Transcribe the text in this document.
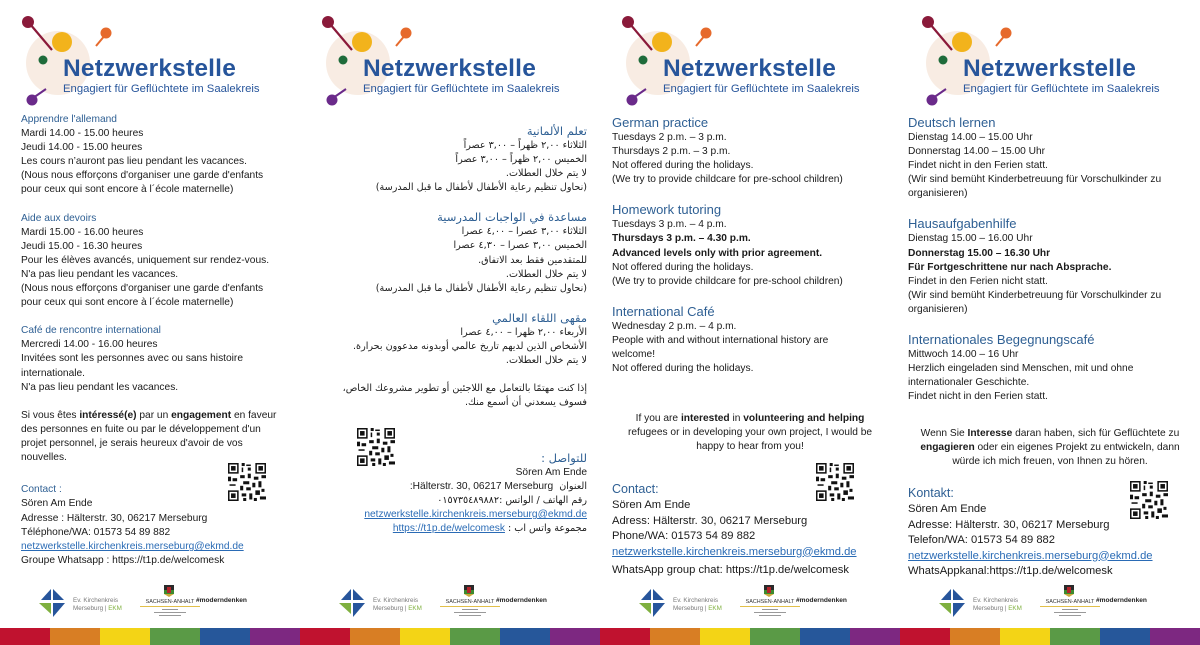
Netzwerkstelle
Engagiert für Geflüchtete im Saalekreis
Apprendre l'allemand
Mardi 14.00 - 15.00 heures
Jeudi 14.00 - 15.00 heures
Les cours n’auront pas lieu pendant les vacances.
(Nous nous efforçons d'organiser une garde d'enfants
pour ceux qui sont encore à l´école maternelle)
Aide aux devoirs
Mardi 15.00 - 16.00 heures
Jeudi 15.00 - 16.30 heures
Pour les élèves avancés, uniquement sur rendez-vous.
N'a pas lieu pendant les vacances.
(Nous nous efforçons d'organiser une garde d'enfants
pour ceux qui sont encore à l´école maternelle)
Café de rencontre international
Mercredi 14.00 - 16.00 heures
Invitées sont les personnes avec ou sans histoire
internationale.
N'a pas lieu pendant les vacances.
Si vous êtes intéressé(e) par un engagement en faveur
des personnes en fuite ou par le développement d'un
projet personnel, je serais heureux d'avoir de vos
nouvelles.
Contact :
Sören Am Ende
Adresse : Hälterstr. 30, 06217 Merseburg
Téléphone/WA: 01573 54 89 882
netzwerkstelle.kirchenkreis.merseburg@ekmd.de
Groupe Whatsapp : https://t1p.de/welcomesk
Ev. Kirchenkreis
Merseburg | EKM
SACHSEN-ANHALT #moderndenken
Netzwerkstelle
Engagiert für Geflüchtete im Saalekreis
تعلم الألمانية
الثلاثاء ٢,٠٠ ظهراً – ٣,٠٠ عصراً
الخميس ٢,٠٠ ظهراً – ٣,٠٠ عصراً
لا يتم خلال العطلات.
(نحاول تنظيم رعاية الأطفال لأطفال ما قبل المدرسة)
مساعدة في الواجبات المدرسية
الثلاثاء ٣,٠٠ عصرا – ٤,٠٠ عصرا
الخميس ٣,٠٠ عصرا – ٤,٣٠ عصرا
للمتقدمين فقط بعد الاتفاق.
لا يتم خلال العطلات.
(نحاول تنظيم رعاية الأطفال لأطفال ما قبل المدرسة)
مقهى اللقاء العالمي
الأربعاء ٢,٠٠ ظهرا – ٤,٠٠ عصرا
الأشخاص الذين لديهم تاريخ عالمي أوبدونه مدعوون بحرارة.
لا يتم خلال العطلات.
إذا كنت مهتمًا بالتعامل مع اللاجئين أو تطوير مشروعك الخاص،
فسوف يسعدني أن أسمع منك.
للتواصل :
Sören Am Ende
العنوان  Hälterstr. 30, 06217 Merseburg:
رقم الهاتف / الواتس :٠١٥٧٣٥٤٨٩٨٨٢
netzwerkstelle.kirchenkreis.merseburg@ekmd.de
مجموعة واتس اب : https://t1p.de/welcomesk
Ev. Kirchenkreis
Merseburg | EKM
SACHSEN-ANHALT #moderndenken
Netzwerkstelle
Engagiert für Geflüchtete im Saalekreis
German practice
Tuesdays 2 p.m. – 3 p.m.
Thursdays 2 p.m. – 3 p.m.
Not offered during the holidays.
(We try to provide childcare for pre-school children)
Homework tutoring
Tuesdays 3 p.m. – 4 p.m.
Thursdays 3 p.m. – 4.30 p.m.
Advanced levels only with prior agreement.
Not offered during the holidays.
(We try to provide childcare for pre-school children)
International Café
Wednesday 2 p.m. – 4 p.m.
People with and without international history are
welcome!
Not offered during the holidays.
If you are interested in volunteering and helping
refugees or in developing your own project, I would be
happy to hear from you!
Contact:
Sören Am Ende
Adress: Hälterstr. 30, 06217 Merseburg
Phone/WA: 01573 54 89 882
netzwerkstelle.kirchenkreis.merseburg@ekmd.de
WhatsApp group chat: https://t1p.de/welcomesk
Ev. Kirchenkreis
Merseburg | EKM
SACHSEN-ANHALT #moderndenken
Netzwerkstelle
Engagiert für Geflüchtete im Saalekreis
Deutsch lernen
Dienstag 14.00 – 15.00 Uhr
Donnerstag 14.00 – 15.00 Uhr
Findet nicht in den Ferien statt.
(Wir sind bemüht Kinderbetreuung für Vorschulkinder zu
organisieren)
Hausaufgabenhilfe
Dienstag 15.00 – 16.00 Uhr
Donnerstag 15.00 – 16.30 Uhr
Für Fortgeschrittene nur nach Absprache.
Findet in den Ferien nicht statt.
(Wir sind bemüht Kinderbetreuung für Vorschulkinder zu
organisieren)
Internationales Begegnungscafé
Mittwoch 14.00 – 16 Uhr
Herzlich eingeladen sind Menschen, mit und ohne
internationaler Geschichte.
Findet nicht in den Ferien statt.
Wenn Sie Interesse daran haben, sich für Geflüchtete zu
engagieren oder ein eigenes Projekt zu entwickeln, dann
würde ich mich freuen, von Ihnen zu hören.
Kontakt:
Sören Am Ende
Adresse: Hälterstr. 30, 06217 Merseburg
Telefon/WA: 01573 54 89 882
netzwerkstelle.kirchenkreis.merseburg@ekmd.de
WhatsAppkanal:https://t1p.de/welcomesk
Ev. Kirchenkreis
Merseburg | EKM
SACHSEN-ANHALT #moderndenken
